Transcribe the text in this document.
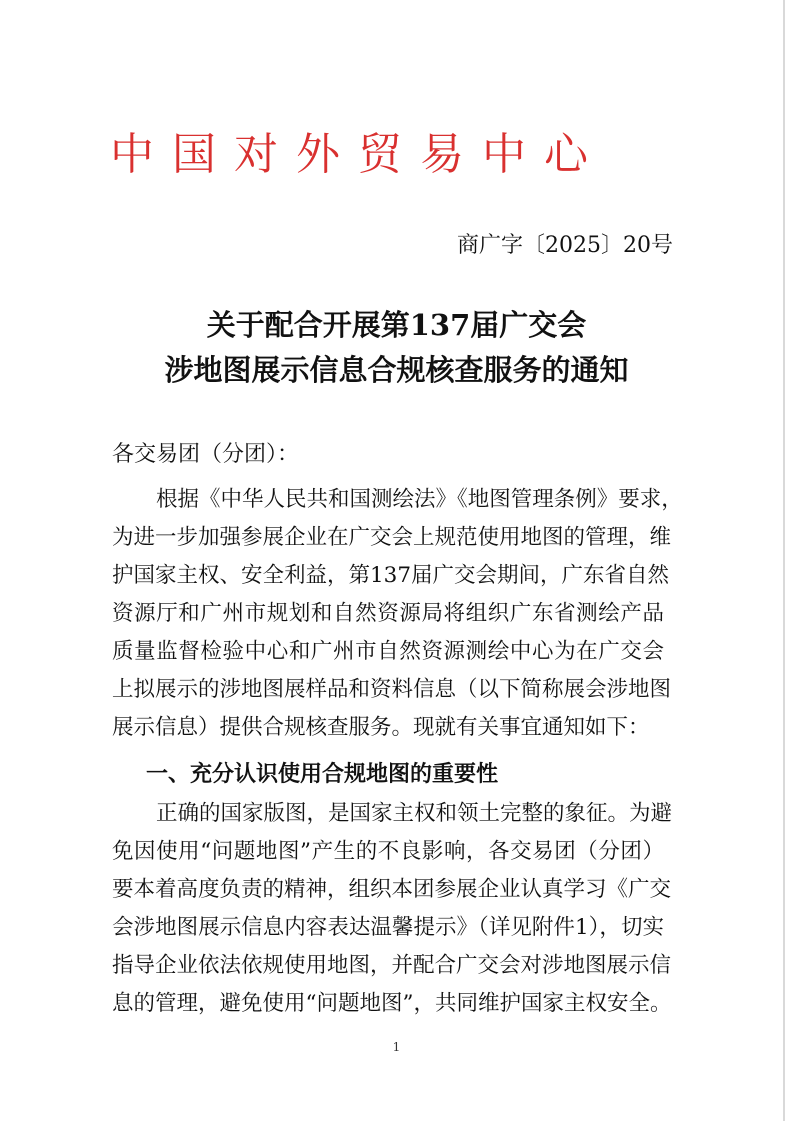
中国对外贸易中心
商广字〔2025〕20号
关于配合开展第137届广交会
涉地图展示信息合规核查服务的通知
各交易团（分团）：
根据《中华人民共和国测绘法》《地图管理条例》要求，
为进一步加强参展企业在广交会上规范使用地图的管理，维
护国家主权、安全利益，第137届广交会期间，广东省自然
资源厅和广州市规划和自然资源局将组织广东省测绘产品
质量监督检验中心和广州市自然资源测绘中心为在广交会
上拟展示的涉地图展样品和资料信息（以下简称展会涉地图
展示信息）提供合规核查服务。现就有关事宜通知如下：
一、充分认识使用合规地图的重要性
正确的国家版图，是国家主权和领土完整的象征。为避
免因使用“问题地图”产生的不良影响，各交易团（分团）
要本着高度负责的精神，组织本团参展企业认真学习《广交
会涉地图展示信息内容表达温馨提示》（详见附件1），切实
指导企业依法依规使用地图，并配合广交会对涉地图展示信
息的管理，避免使用“问题地图”，共同维护国家主权安全。
1
